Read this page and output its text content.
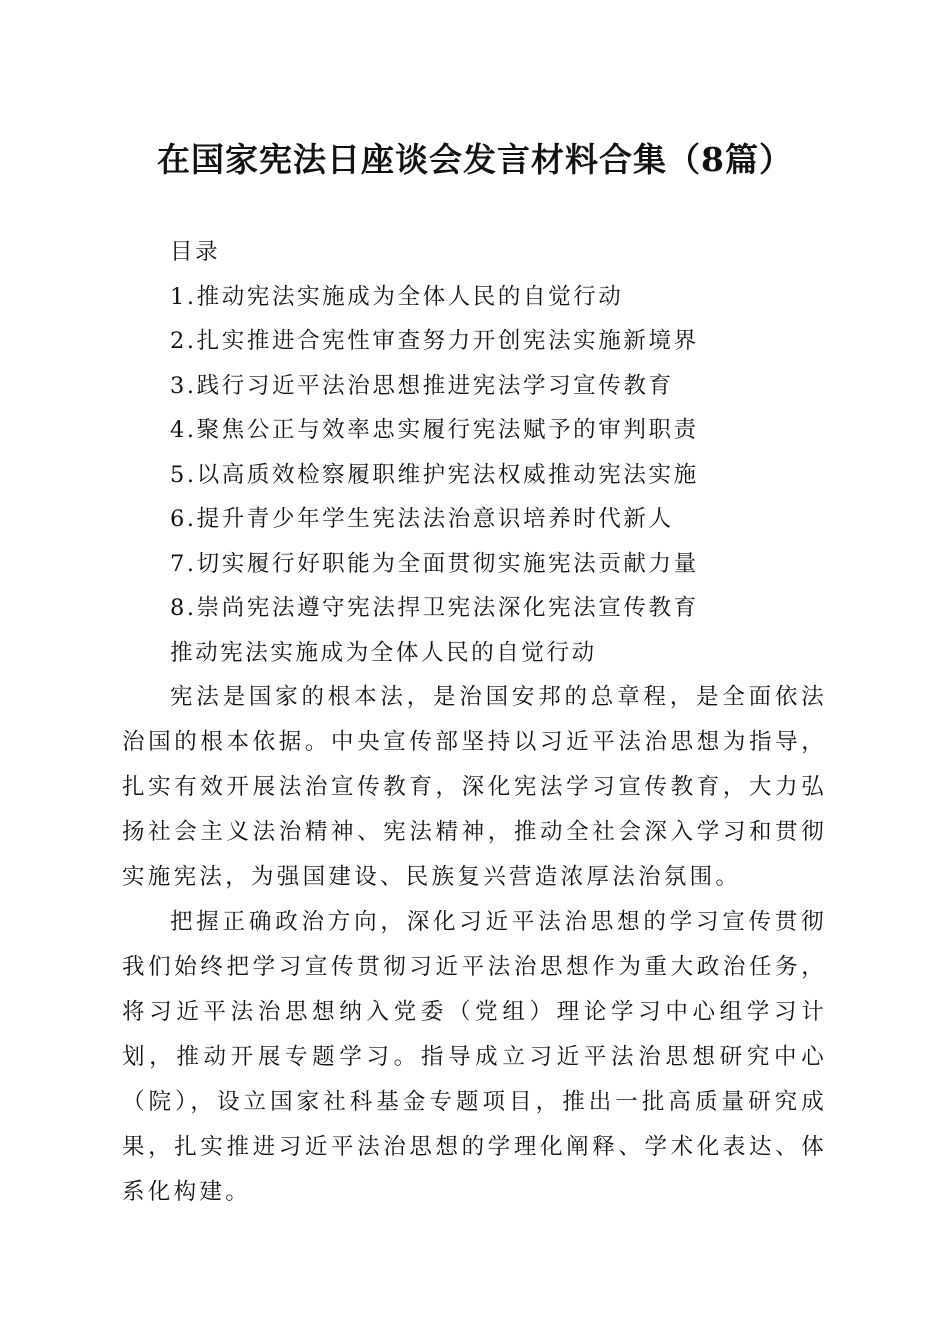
在国家宪法日座谈会发言材料合集（8篇）
目录
1.推动宪法实施成为全体人民的自觉行动
2.扎实推进合宪性审查努力开创宪法实施新境界
3.践行习近平法治思想推进宪法学习宣传教育
4.聚焦公正与效率忠实履行宪法赋予的审判职责
5.以高质效检察履职维护宪法权威推动宪法实施
6.提升青少年学生宪法法治意识培养时代新人
7.切实履行好职能为全面贯彻实施宪法贡献力量
8.崇尚宪法遵守宪法捍卫宪法深化宪法宣传教育
推动宪法实施成为全体人民的自觉行动

宪法是国家的根本法，是治国安邦的总章程，是全面依法治国的根本依据。中央宣传部坚持以习近平法治思想为指导，扎实有效开展法治宣传教育，深化宪法学习宣传教育，大力弘扬社会主义法治精神、宪法精神，推动全社会深入学习和贯彻实施宪法，为强国建设、民族复兴营造浓厚法治氛围。

把握正确政治方向，深化习近平法治思想的学习宣传贯彻我们始终把学习宣传贯彻习近平法治思想作为重大政治任务，将习近平法治思想纳入党委（党组）理论学习中心组学习计划，推动开展专题学习。指导成立习近平法治思想研究中心（院），设立国家社科基金专题项目，推出一批高质量研究成果，扎实推进习近平法治思想的学理化阐释、学术化表达、体系化构建。
